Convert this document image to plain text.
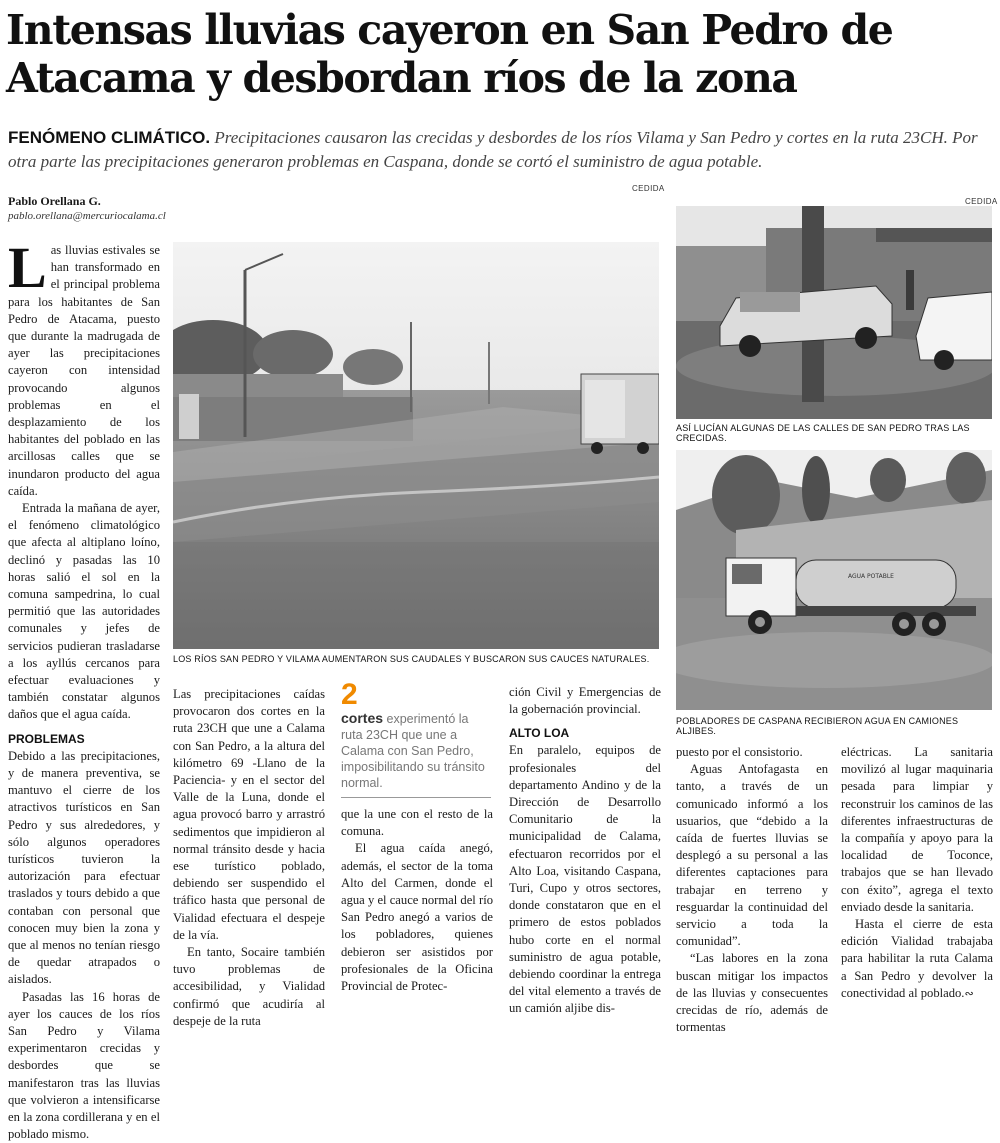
Intensas lluvias cayeron en San Pedro de Atacama y desbordan ríos de la zona

FENÓMENO CLIMÁTICO. Precipitaciones causaron las crecidas y desbordes de los ríos Vilama y San Pedro y cortes en la ruta 23CH. Por otra parte las precipitaciones generaron problemas en Caspana, donde se cortó el suministro de agua potable.

CEDIDA
Pablo Orellana G.
pablo.orellana@mercuriocalama.cl

Las lluvias estivales se han transformado en el principal problema para los habitantes de San Pedro de Atacama, puesto que durante la madrugada de ayer las precipitaciones cayeron con intensidad provocando algunos problemas en el desplazamiento de los habitantes del poblado en las arcillosas calles que se inundaron producto del agua caída.

Entrada la mañana de ayer, el fenómeno climatológico que afecta al altiplano loíno, declinó y pasadas las 10 horas salió el sol en la comuna sampedrina, lo cual permitió que las autoridades comunales y jefes de servicios pudieran trasladarse a los ayllús cercanos para efectuar evaluaciones y también constatar algunos daños que el agua caída.

PROBLEMAS

Debido a las precipitaciones, y de manera preventiva, se mantuvo el cierre de los atractivos turísticos en San Pedro y sus alrededores, y sólo algunos operadores turísticos tuvieron la autorización para efectuar traslados y tours debido a que contaban con personal que conocen muy bien la zona y que al menos no tenían riesgo de quedar atrapados o aislados.

Pasadas las 16 horas de ayer los cauces de los ríos San Pedro y Vilama experimentaron crecidas y desbordes que se manifestaron tras las lluvias que volvieron a intensificarse en la zona cordillerana y en el poblado mismo.

LOS RÍOS SAN PEDRO Y VILAMA AUMENTARON SUS CAUDALES Y BUSCARON SUS CAUCES NATURALES.
CEDIDA
ASÍ LUCÍAN ALGUNAS DE LAS CALLES DE SAN PEDRO TRAS LAS CRECIDAS.
AGUA POTABLE
POBLADORES DE CASPANA RECIBIERON AGUA EN CAMIONES ALJIBES.

Las precipitaciones caídas provocaron dos cortes en la ruta 23CH que une a Calama con San Pedro, a la altura del kilómetro 69 -Llano de la Paciencia- y en el sector del Valle de la Luna, donde el agua provocó barro y arrastró sedimentos que impidieron al normal tránsito desde y hacia ese turístico poblado, debiendo ser suspendido el tráfico hasta que personal de Vialidad efectuara el despeje de la vía.

En tanto, Socaire también tuvo problemas de accesibilidad, y Vialidad confirmó que acudiría al despeje de la ruta

2
cortes experimentó la ruta 23CH que une a Calama con San Pedro, imposibilitando su tránsito normal.

que la une con el resto de la comuna.

El agua caída anegó, además, el sector de la toma Alto del Carmen, donde el agua y el cauce normal del río San Pedro anegó a varios de los pobladores, quienes debieron ser asistidos por profesionales de la Oficina Provincial de Protec-

ción Civil y Emergencias de la gobernación provincial.

ALTO LOA

En paralelo, equipos de profesionales del departamento Andino y de la Dirección de Desarrollo Comunitario de la municipalidad de Calama, efectuaron recorridos por el Alto Loa, visitando Caspana, Turi, Cupo y otros sectores, donde constataron que en el primero de estos poblados hubo corte en el normal suministro de agua potable, debiendo coordinar la entrega del vital elemento a través de un camión aljibe dis-

puesto por el consistorio.

Aguas Antofagasta en tanto, a través de un comunicado informó a los usuarios, que “debido a la caída de fuertes lluvias se desplegó a su personal a las diferentes captaciones para trabajar en terreno y resguardar la continuidad del servicio a toda la comunidad”.

“Las labores en la zona buscan mitigar los impactos de las lluvias y consecuentes crecidas de río, además de tormentas

eléctricas. La sanitaria movilizó al lugar maquinaria pesada para limpiar y reconstruir los caminos de las diferentes infraestructuras de la compañía y apoyo para la localidad de Toconce, trabajos que se han llevado con éxito”, agrega el texto enviado desde la sanitaria.

Hasta el cierre de esta edición Vialidad trabajaba para habilitar la ruta Calama a San Pedro y devolver la conectividad al poblado.∾
